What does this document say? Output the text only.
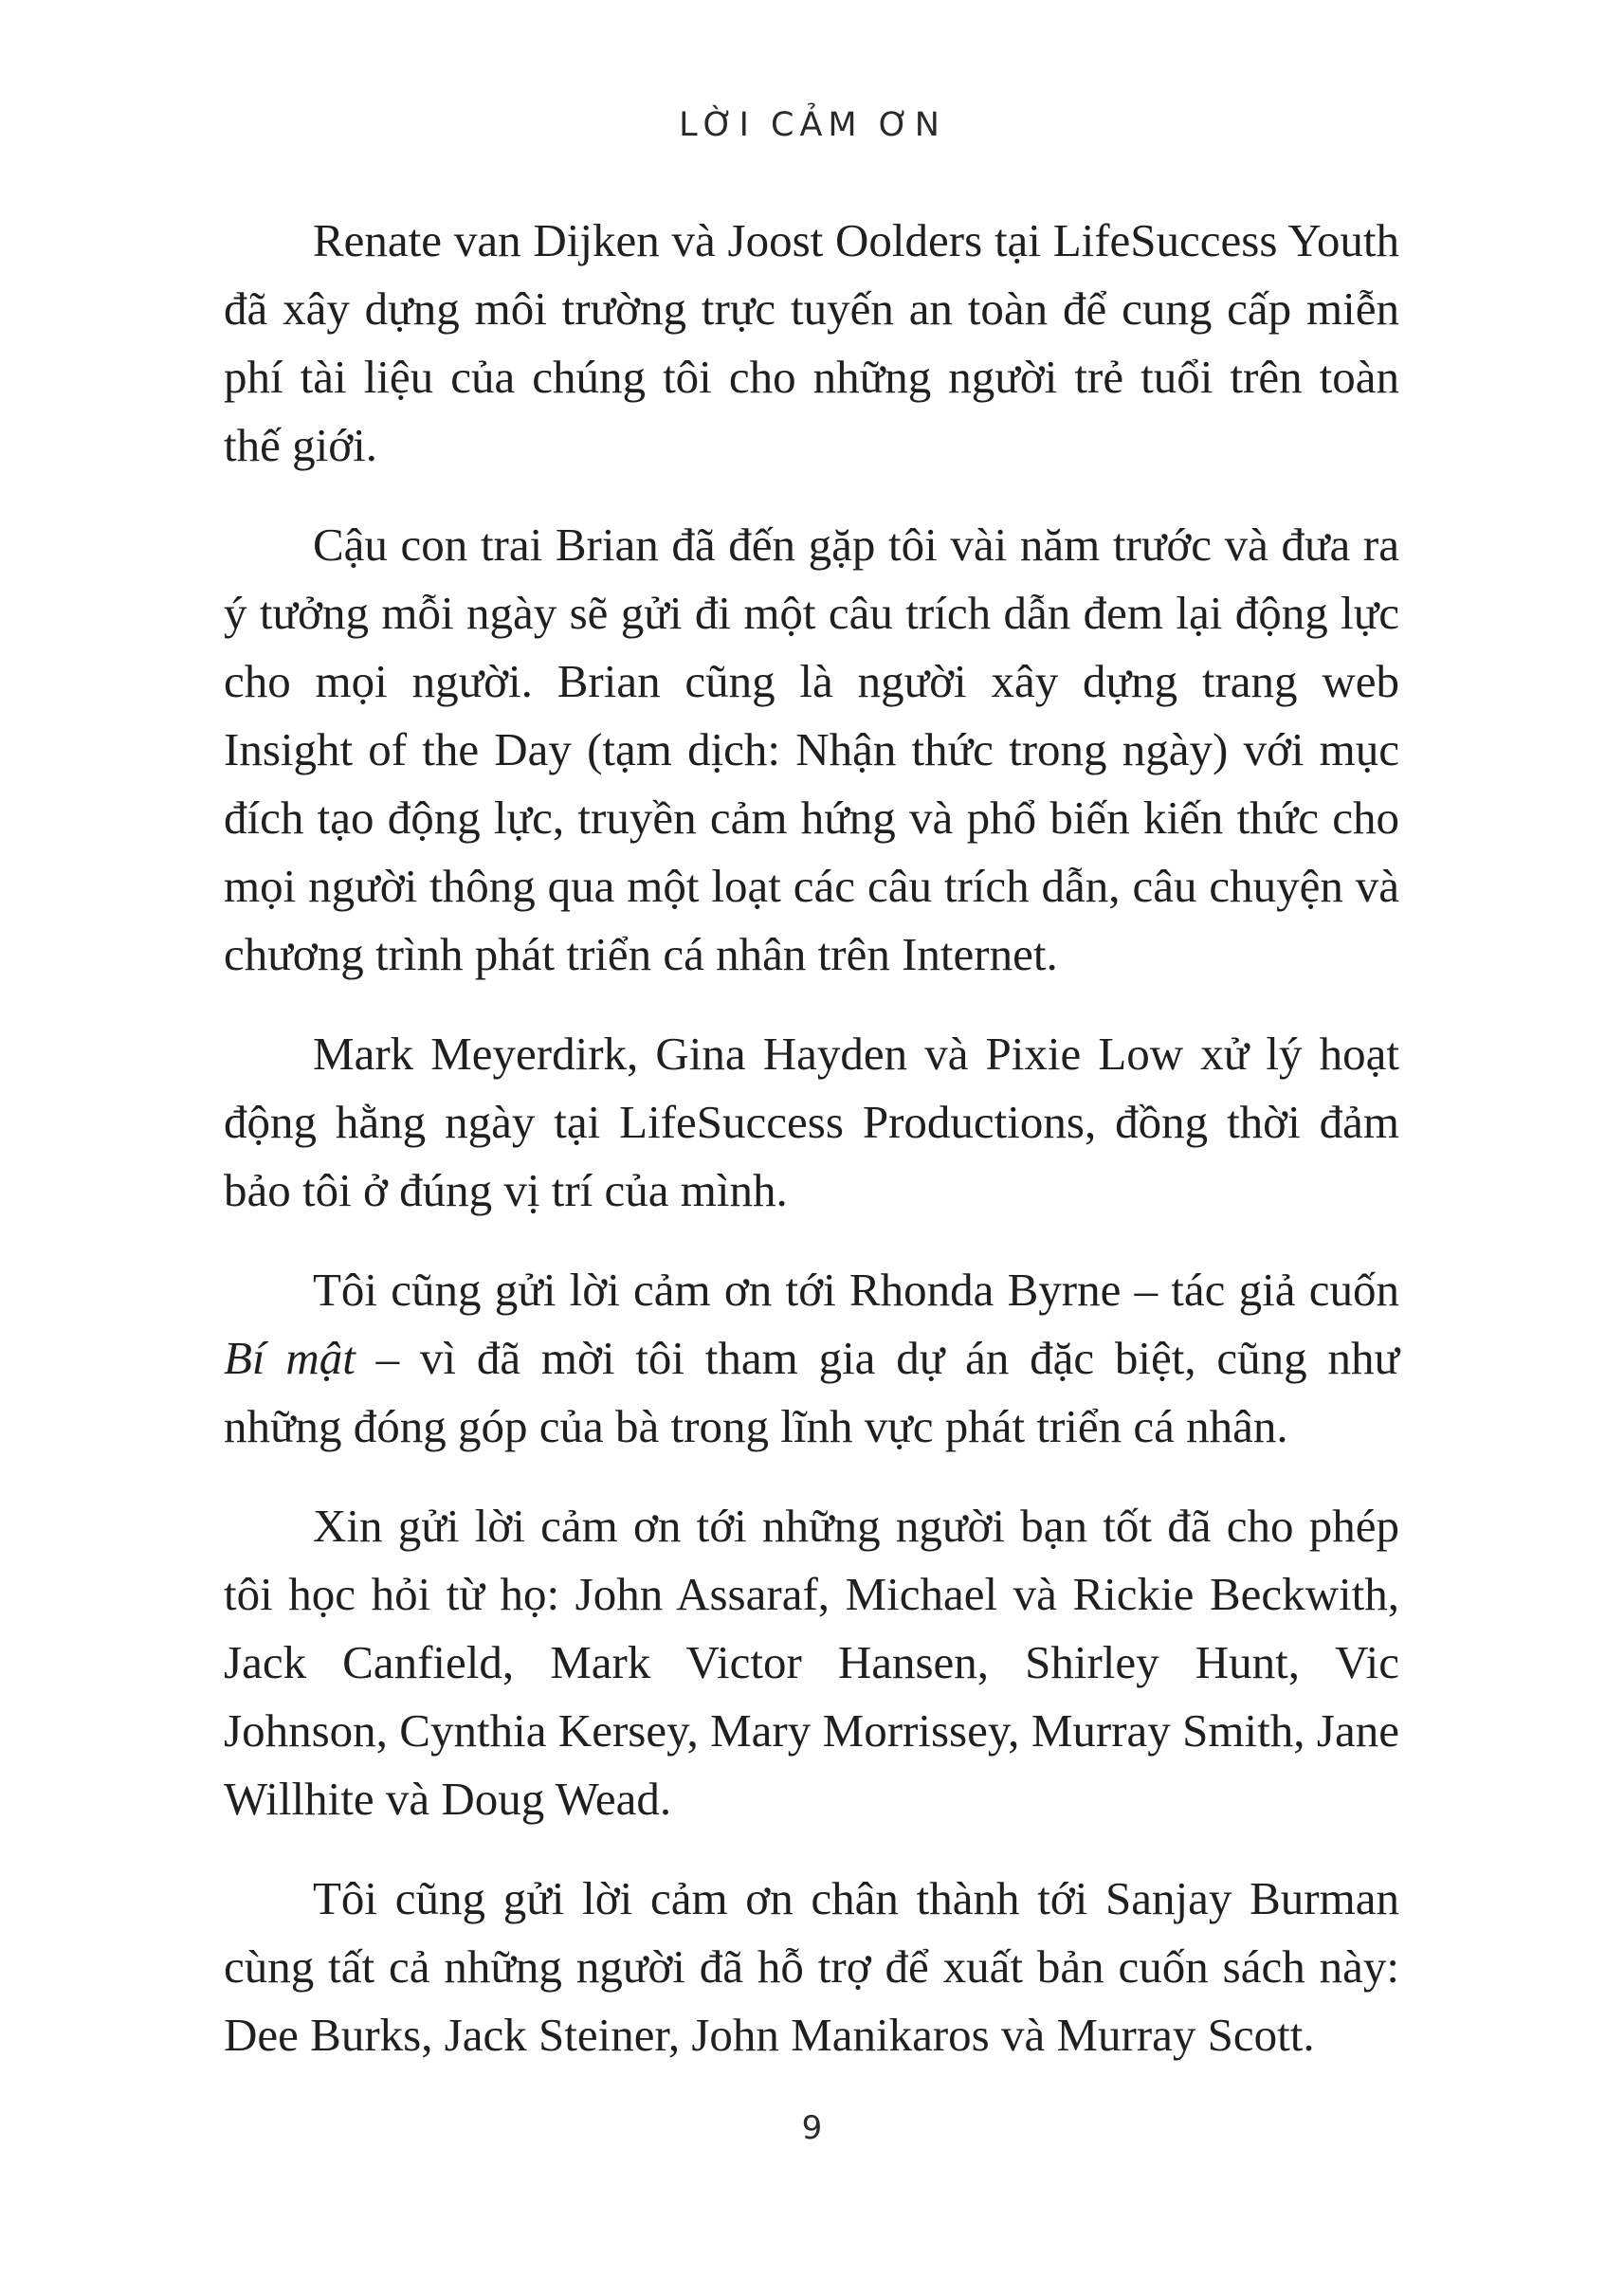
LỜI CẢM ƠN

Renate van Dijken và Joost Oolders tại LifeSuccess Youth đã xây dựng môi trường trực tuyến an toàn để cung cấp miễn phí tài liệu của chúng tôi cho những người trẻ tuổi trên toàn thế giới.

Cậu con trai Brian đã đến gặp tôi vài năm trước và đưa ra ý tưởng mỗi ngày sẽ gửi đi một câu trích dẫn đem lại động lực cho mọi người. Brian cũng là người xây dựng trang web Insight of the Day (tạm dịch: Nhận thức trong ngày) với mục đích tạo động lực, truyền cảm hứng và phổ biến kiến thức cho mọi người thông qua một loạt các câu trích dẫn, câu chuyện và chương trình phát triển cá nhân trên Internet.

Mark Meyerdirk, Gina Hayden và Pixie Low xử lý hoạt động hằng ngày tại LifeSuccess Productions, đồng thời đảm bảo tôi ở đúng vị trí của mình.

Tôi cũng gửi lời cảm ơn tới Rhonda Byrne – tác giả cuốn Bí mật – vì đã mời tôi tham gia dự án đặc biệt, cũng như những đóng góp của bà trong lĩnh vực phát triển cá nhân.

Xin gửi lời cảm ơn tới những người bạn tốt đã cho phép tôi học hỏi từ họ: John Assaraf, Michael và Rickie Beckwith, Jack Canfield, Mark Victor Hansen, Shirley Hunt, Vic Johnson, Cynthia Kersey, Mary Morrissey, Murray Smith, Jane Willhite và Doug Wead.

Tôi cũng gửi lời cảm ơn chân thành tới Sanjay Burman cùng tất cả những người đã hỗ trợ để xuất bản cuốn sách này: Dee Burks, Jack Steiner, John Manikaros và Murray Scott.

9
